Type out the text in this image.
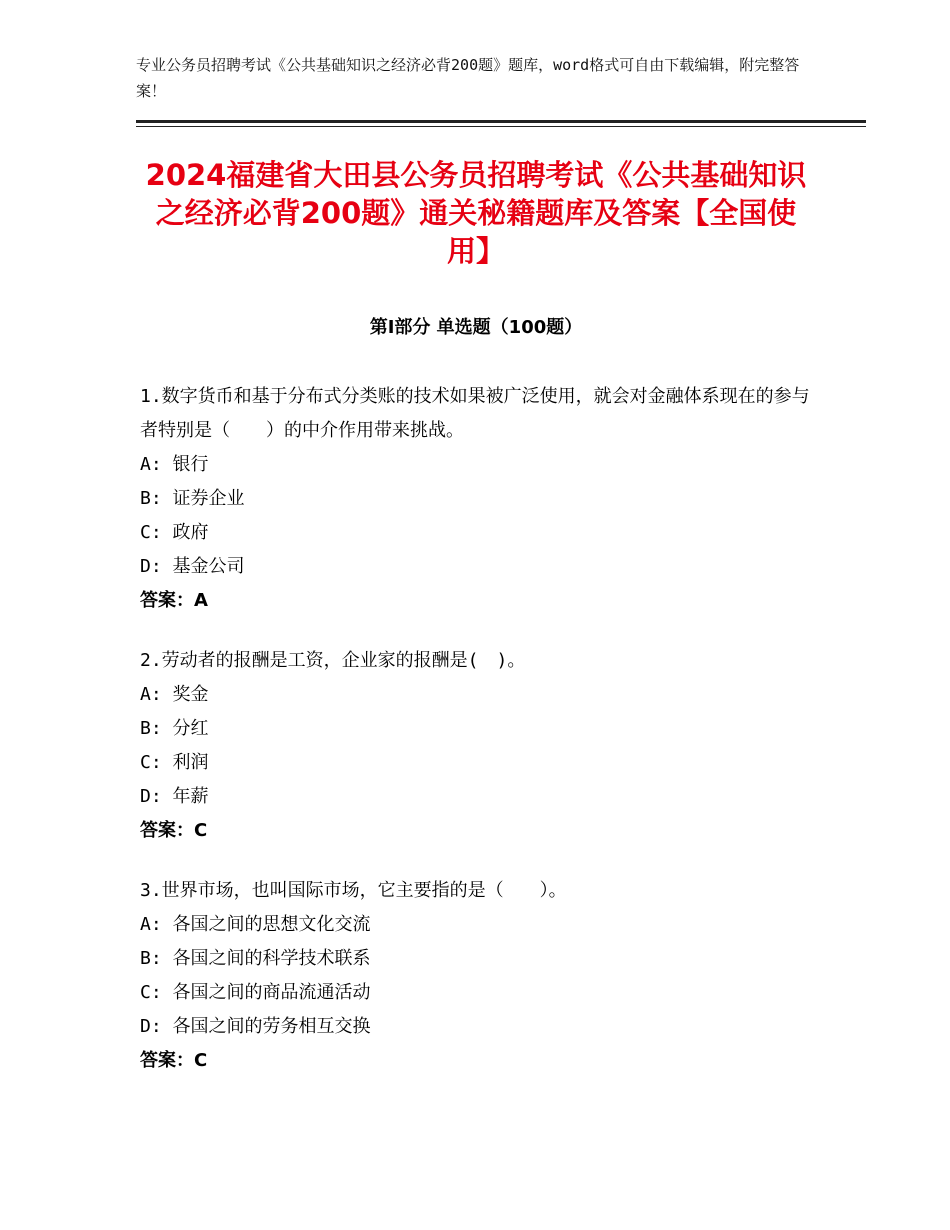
专业公务员招聘考试《公共基础知识之经济必背200题》题库，word格式可自由下载编辑，附完整答案！
2024福建省大田县公务员招聘考试《公共基础知识之经济必背200题》通关秘籍题库及答案【全国使用】
第Ⅰ部分 单选题（100题）

1.数字货币和基于分布式分类账的技术如果被广泛使用，就会对金融体系现在的参与者特别是（　　）的中介作用带来挑战。

A: 银行

B: 证券企业

C: 政府

D: 基金公司

答案：A

2.劳动者的报酬是工资，企业家的报酬是(　)。

A: 奖金

B: 分红

C: 利润

D: 年薪

答案：C

3.世界市场，也叫国际市场，它主要指的是（　　）。

A: 各国之间的思想文化交流

B: 各国之间的科学技术联系

C: 各国之间的商品流通活动

D: 各国之间的劳务相互交换

答案：C
